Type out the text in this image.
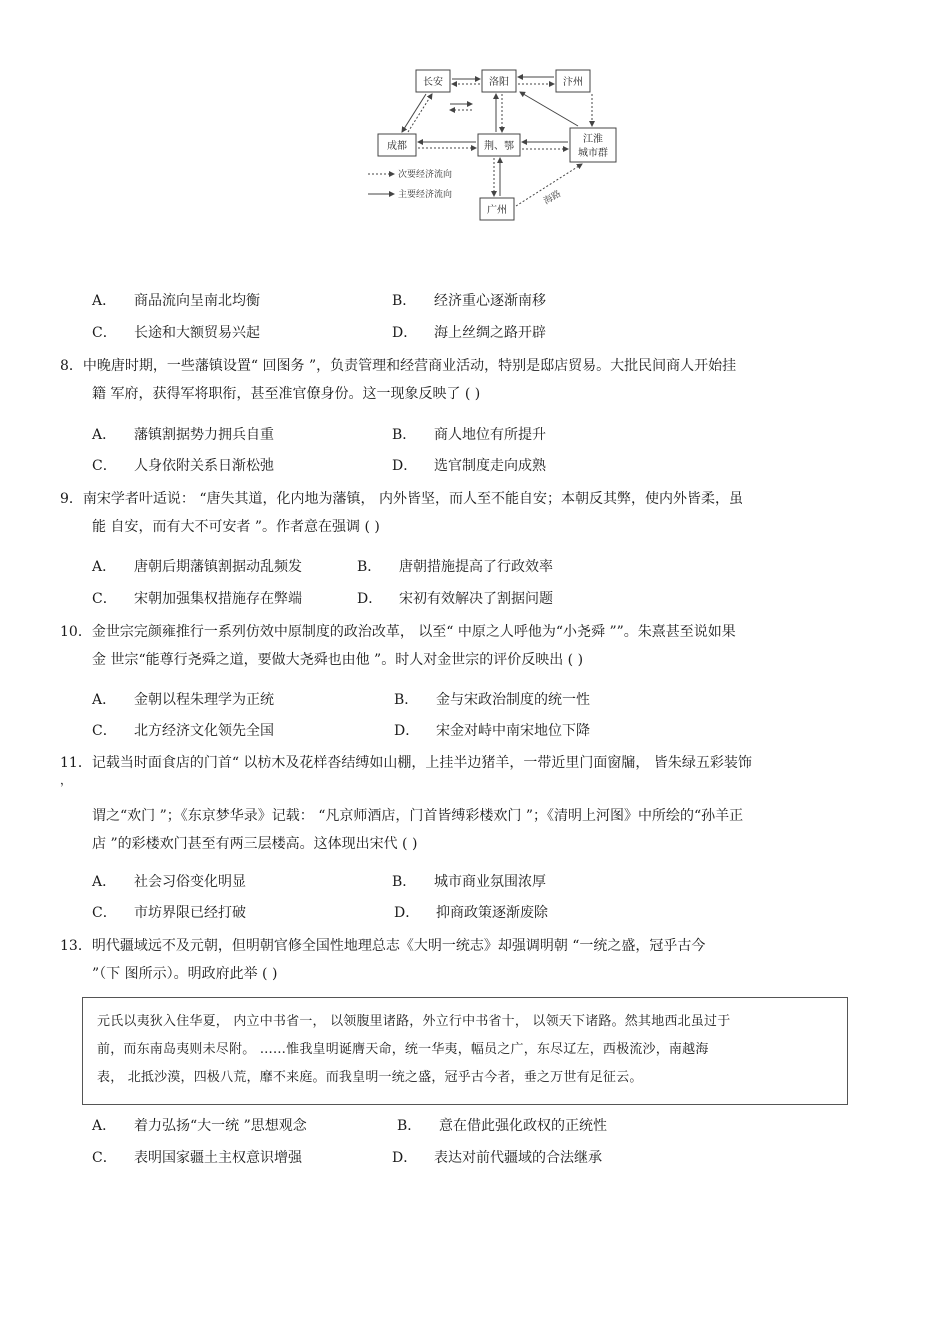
长安	洛阳	汴州
成都	荆、鄂
江淮
城市群
广州
海路
次要经济流向
主要经济流向
A． 商品流向呈南北均衡	B． 经济重心逐渐南移
C． 长途和大额贸易兴起	D． 海上丝绸之路开辟
8．中晚唐时期，一些藩镇设置“ 回图务 ”，负责管理和经营商业活动，特别是邸店贸易。大批民间商人开始挂
籍 军府，获得军将职衔，甚至准官僚身份。这一现象反映了 ( )
A． 藩镇割据势力拥兵自重	B． 商人地位有所提升
C． 人身依附关系日渐松弛	D． 选官制度走向成熟
9．南宋学者叶适说： “唐失其道，化内地为藩镇， 内外皆坚，而人至不能自安；本朝反其弊，使内外皆柔，虽
能 自安，而有大不可安者 ”。作者意在强调 ( )
A． 唐朝后期藩镇割据动乱频发	B． 唐朝措施提高了行政效率
C． 宋朝加强集权措施存在弊端	D． 宋初有效解决了割据问题
10．金世宗完颜雍推行一系列仿效中原制度的政治改革， 以至“ 中原之人呼他为“小尧舜 ””。朱熹甚至说如果
金 世宗“能尊行尧舜之道，要做大尧舜也由他 ”。时人对金世宗的评价反映出 ( )
A． 金朝以程朱理学为正统	B． 金与宋政治制度的统一性
C． 北方经济文化领先全国	D． 宋金对峙中南宋地位下降
11．记载当时面食店的门首“ 以枋木及花样沓结缚如山棚，上挂半边猪羊，一带近里门面窗牖， 皆朱绿五彩装饰
，
谓之“欢门 ”；《东京梦华录》记载： “凡京师酒店，门首皆缚彩楼欢门 ”；《清明上河图》中所绘的“孙羊正
店 ”的彩楼欢门甚至有两三层楼高。这体现出宋代 ( )
A． 社会习俗变化明显	B． 城市商业氛围浓厚
C． 市坊界限已经打破	D． 抑商政策逐渐废除
13．明代疆域远不及元朝，但明朝官修全国性地理总志《大明一统志》却强调明朝 “一统之盛，冠乎古今
”（下 图所示）。明政府此举 ( )
元氏以夷狄入住华夏， 内立中书省一， 以领腹里诸路，外立行中书省十， 以领天下诸路。然其地西北虽过于
前，而东南岛夷则未尽附。 ……惟我皇明诞膺天命，统一华夷，幅员之广，东尽辽左，西极流沙，南越海
表， 北抵沙漠，四极八荒，靡不来庭。而我皇明一统之盛，冠乎古今者，垂之万世有足征云。
A． 着力弘扬“大一统 ”思想观念	B． 意在借此强化政权的正统性
C． 表明国家疆土主权意识增强	D． 表达对前代疆域的合法继承
